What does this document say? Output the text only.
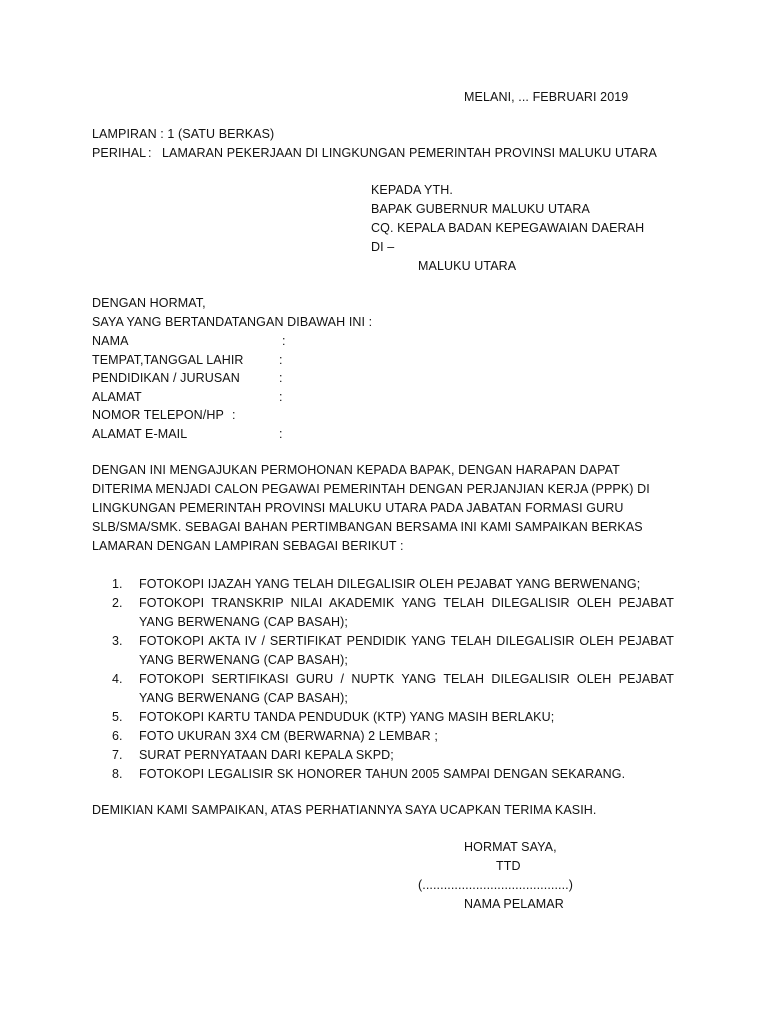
MELANI, ... FEBRUARI 2019
LAMPIRAN : 1 (SATU BERKAS)
PERIHAL : LAMARAN PEKERJAAN DI LINGKUNGAN PEMERINTAH PROVINSI MALUKU UTARA
KEPADA YTH.
BAPAK GUBERNUR MALUKU UTARA
CQ. KEPALA BADAN KEPEGAWAIAN DAERAH
DI –
MALUKU UTARA
DENGAN HORMAT,
SAYA YANG BERTANDATANGAN DIBAWAH INI :
NAMA	:
TEMPAT,TANGGAL LAHIR	:
PENDIDIKAN / JURUSAN	:
ALAMAT	:
NOMOR TELEPON/HP :
ALAMAT E-MAIL	:
DENGAN INI MENGAJUKAN PERMOHONAN KEPADA BAPAK, DENGAN HARAPAN DAPAT
DITERIMA MENJADI CALON PEGAWAI PEMERINTAH DENGAN PERJANJIAN KERJA (PPPK) DI
LINGKUNGAN PEMERINTAH PROVINSI MALUKU UTARA PADA JABATAN FORMASI GURU
SLB/SMA/SMK. SEBAGAI BAHAN PERTIMBANGAN BERSAMA INI KAMI SAMPAIKAN BERKAS
LAMARAN DENGAN LAMPIRAN SEBAGAI BERIKUT :
1. FOTOKOPI IJAZAH YANG TELAH DILEGALISIR OLEH PEJABAT YANG BERWENANG;
2. FOTOKOPI TRANSKRIP NILAI AKADEMIK YANG TELAH DILEGALISIR OLEH PEJABAT YANG BERWENANG (CAP BASAH);
3. FOTOKOPI AKTA IV / SERTIFIKAT PENDIDIK YANG TELAH DILEGALISIR OLEH PEJABAT YANG BERWENANG (CAP BASAH);
4. FOTOKOPI SERTIFIKASI GURU / NUPTK YANG TELAH DILEGALISIR OLEH PEJABAT YANG BERWENANG (CAP BASAH);
5. FOTOKOPI KARTU TANDA PENDUDUK (KTP) YANG MASIH BERLAKU;
6. FOTO UKURAN 3X4 CM (BERWARNA) 2 LEMBAR ;
7. SURAT PERNYATAAN DARI KEPALA SKPD;
8. FOTOKOPI LEGALISIR SK HONORER TAHUN 2005 SAMPAI DENGAN SEKARANG.
DEMIKIAN KAMI SAMPAIKAN, ATAS PERHATIANNYA SAYA UCAPKAN TERIMA KASIH.
HORMAT SAYA,
TTD
(.........................................)
NAMA PELAMAR
